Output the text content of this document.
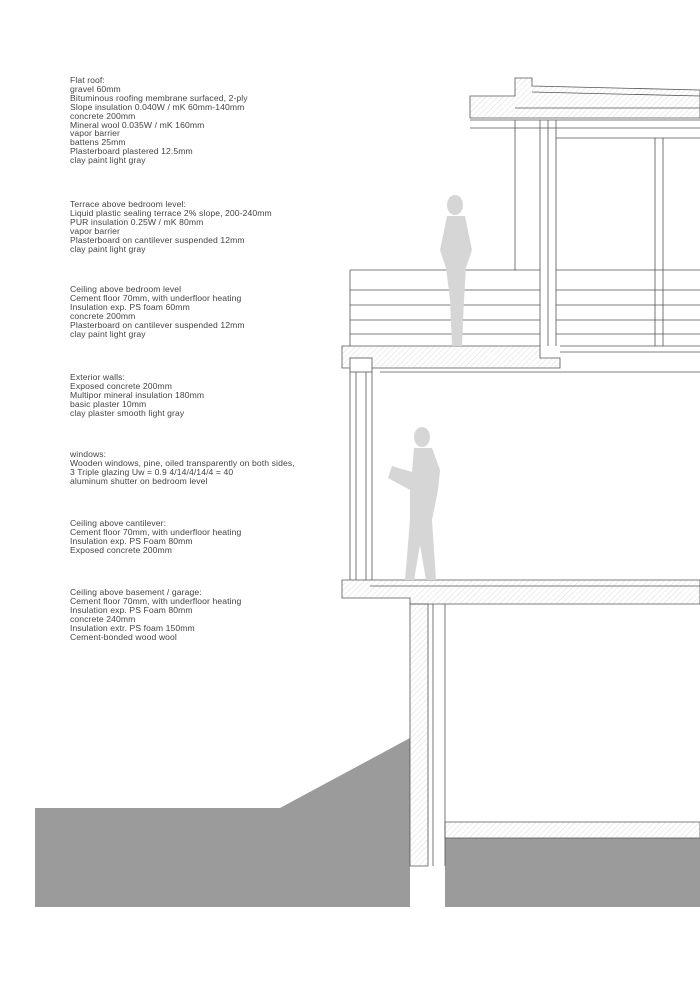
Flat roof:
gravel 60mm
Bituminous roofing membrane surfaced, 2-ply
Slope insulation 0.040W / mK 60mm-140mm
concrete 200mm
Mineral wool 0.035W / mK 160mm
vapor barrier
battens 25mm
Plasterboard plastered 12.5mm
clay paint light gray
Terrace above bedroom level:
Liquid plastic sealing terrace 2% slope, 200-240mm
PUR insulation 0.25W / mK 80mm
vapor barrier
Plasterboard on cantilever suspended 12mm
clay paint light gray
Ceiling above bedroom level
Cement floor 70mm, with underfloor heating
Insulation exp. PS foam 60mm
concrete 200mm
Plasterboard on cantilever suspended 12mm
clay paint light gray
Exterior walls:
Exposed concrete 200mm
Multipor mineral insulation 180mm
basic plaster 10mm
clay plaster smooth light gray
windows:
Wooden windows, pine, oiled transparently on both sides,
3 Triple glazing Uw = 0.9 4/14/4/14/4 = 40
aluminum shutter on bedroom level
Ceiling above cantilever:
Cement floor 70mm, with underfloor heating
Insulation exp. PS Foam 80mm
Exposed concrete 200mm
Ceiling above basement / garage:
Cement floor 70mm, with underfloor heating
Insulation exp. PS Foam 80mm
concrete 240mm
Insulation extr. PS foam 150mm
Cement-bonded wood wool
